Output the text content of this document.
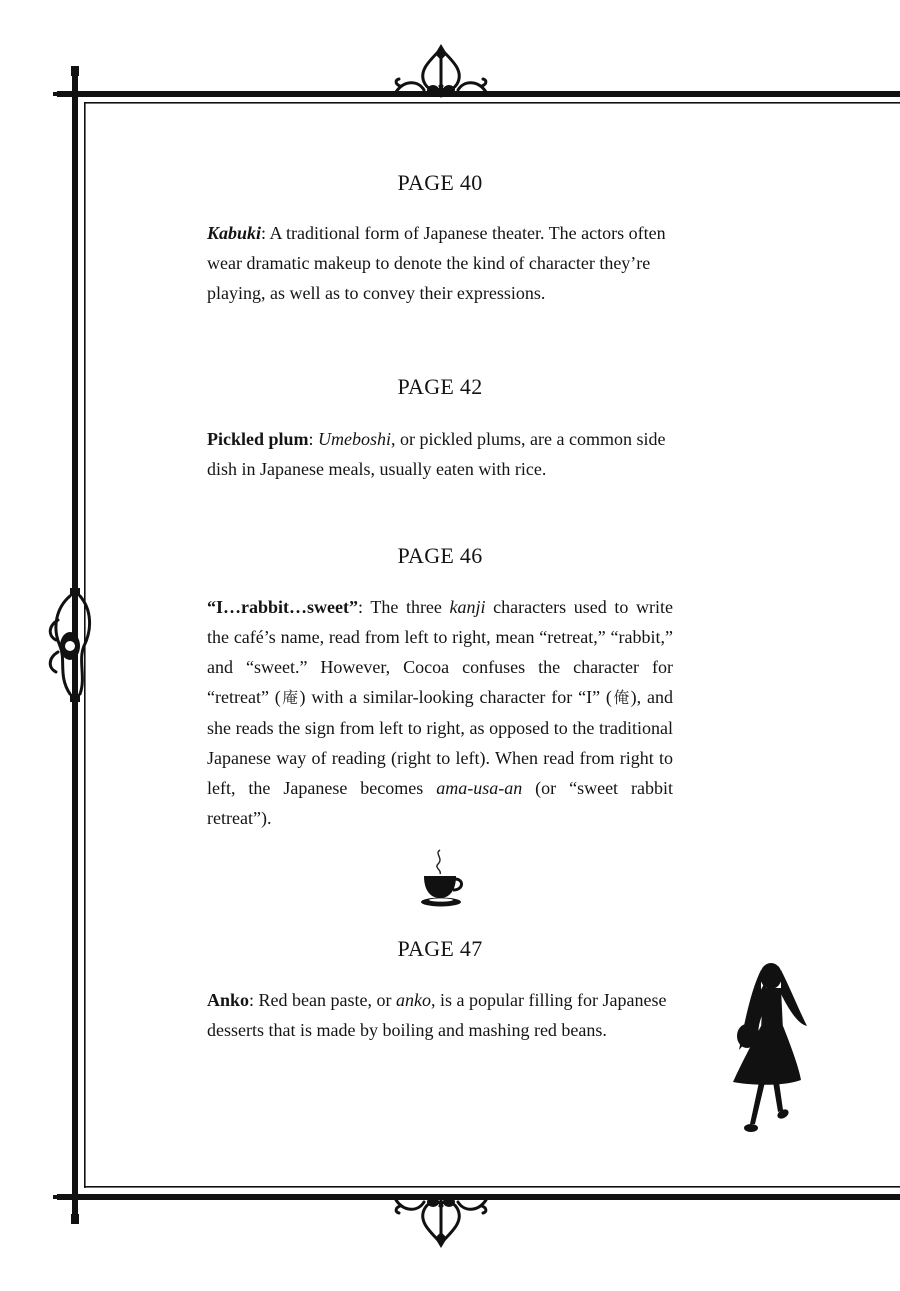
PAGE 40

Kabuki: A traditional form of Japanese theater. The actors often wear dramatic makeup to denote the kind of character they’re playing, as well as to convey their expressions.

PAGE 42

Pickled plum: Umeboshi, or pickled plums, are a common side dish in Japanese meals, usually eaten with rice.

PAGE 46

“I…rabbit…sweet”: The three kanji characters used to write the café’s name, read from left to right, mean “retreat,” “rabbit,” and “sweet.” However, Cocoa confuses the character for “retreat” (庵) with a similar-looking character for “I” (俺), and she reads the sign from left to right, as opposed to the traditional Japanese way of reading (right to left). When read from right to left, the Japanese becomes ama-usa-an (or “sweet rabbit retreat”).

PAGE 47

Anko: Red bean paste, or anko, is a popular filling for Japanese desserts that is made by boiling and mashing red beans.
